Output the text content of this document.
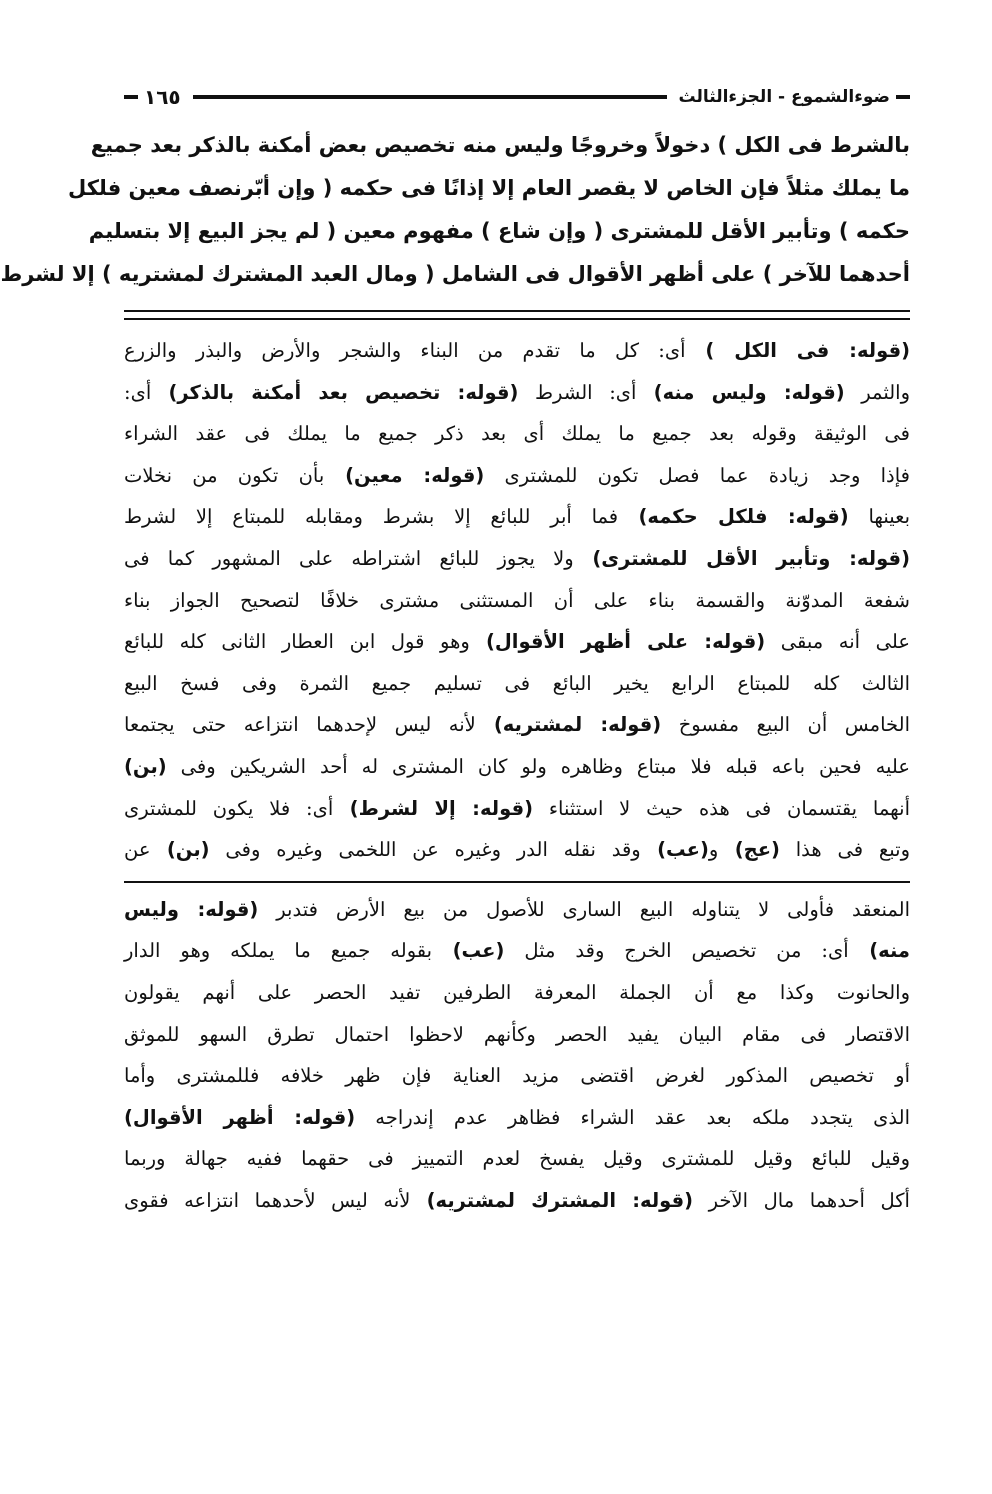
ضوءالشموع - الجزءالثالث
١٦٥
بالشرط فى الكل ) دخولاً وخروجًا وليس منه تخصيص بعض أمكنة بالذكر بعد جميع
ما يملك مثلاً فإن الخاص لا يقصر العام إلا إذانًا فى حكمه ( وإن أبّرنصف معين فلكل
حكمه ) وتأبير الأقل للمشترى ( وإن شاع ) مفهوم معين ( لم يجز البيع إلا بتسليم
أحدهما للآخر ) على أظهر الأقوال فى الشامل ( ومال العبد المشترك لمشتريه ) إلا لشرط
(قوله: فى الكل ) أى: كل ما تقدم من البناء والشجر والأرض والبذر والزرع
والثمر (قوله: وليس منه) أى: الشرط (قوله: تخصيص بعد أمكنة بالذكر) أى:
فى الوثيقة وقوله بعد جميع ما يملك أى بعد ذكر جميع ما يملك فى عقد الشراء
فإذا وجد زيادة عما فصل تكون للمشترى (قوله: معين) بأن تكون من نخلات
بعينها (قوله: فلكل حكمه) فما أبر للبائع إلا بشرط ومقابله للمبتاع إلا لشرط
(قوله: وتأبير الأقل للمشترى) ولا يجوز للبائع اشتراطه على المشهور كما فى
شفعة المدوّنة والقسمة بناء على أن المستثنى مشترى خلافًا لتصحيح الجواز بناء
على أنه مبقى (قوله: على أظهر الأقوال) وهو قول ابن العطار الثانى كله للبائع
الثالث كله للمبتاع الرابع يخير البائع فى تسليم جميع الثمرة وفى فسخ البيع
الخامس أن البيع مفسوخ (قوله: لمشتريه) لأنه ليس لإحدهما انتزاعه حتى يجتمعا
عليه فحين باعه قبله فلا مبتاع وظاهره ولو كان المشترى له أحد الشريكين وفى (بن)
أنهما يقتسمان فى هذه حيث لا استثناء (قوله: إلا لشرط) أى: فلا يكون للمشترى
وتبع فى هذا (عج) و(عب) وقد نقله الدر وغيره عن اللخمى وغيره وفى (بن) عن
المنعقد فأولى لا يتناوله البيع السارى للأصول من بيع الأرض فتدبر (قوله: وليس
منه) أى: من تخصيص الخرج وقد مثل (عب) بقوله جميع ما يملكه وهو الدار
والحانوت وكذا مع أن الجملة المعرفة الطرفين تفيد الحصر على أنهم يقولون
الاقتصار فى مقام البيان يفيد الحصر وكأنهم لاحظوا احتمال تطرق السهو للموثق
أو تخصيص المذكور لغرض اقتضى مزيد العناية فإن ظهر خلافه فللمشترى وأما
الذى يتجدد ملكه بعد عقد الشراء فظاهر عدم إندراجه (قوله: أظهر الأقوال)
وقيل للبائع وقيل للمشترى وقيل يفسخ لعدم التمييز فى حقهما ففيه جهالة وربما
أكل أحدهما مال الآخر (قوله: المشترك لمشتريه) لأنه ليس لأحدهما انتزاعه فقوى
